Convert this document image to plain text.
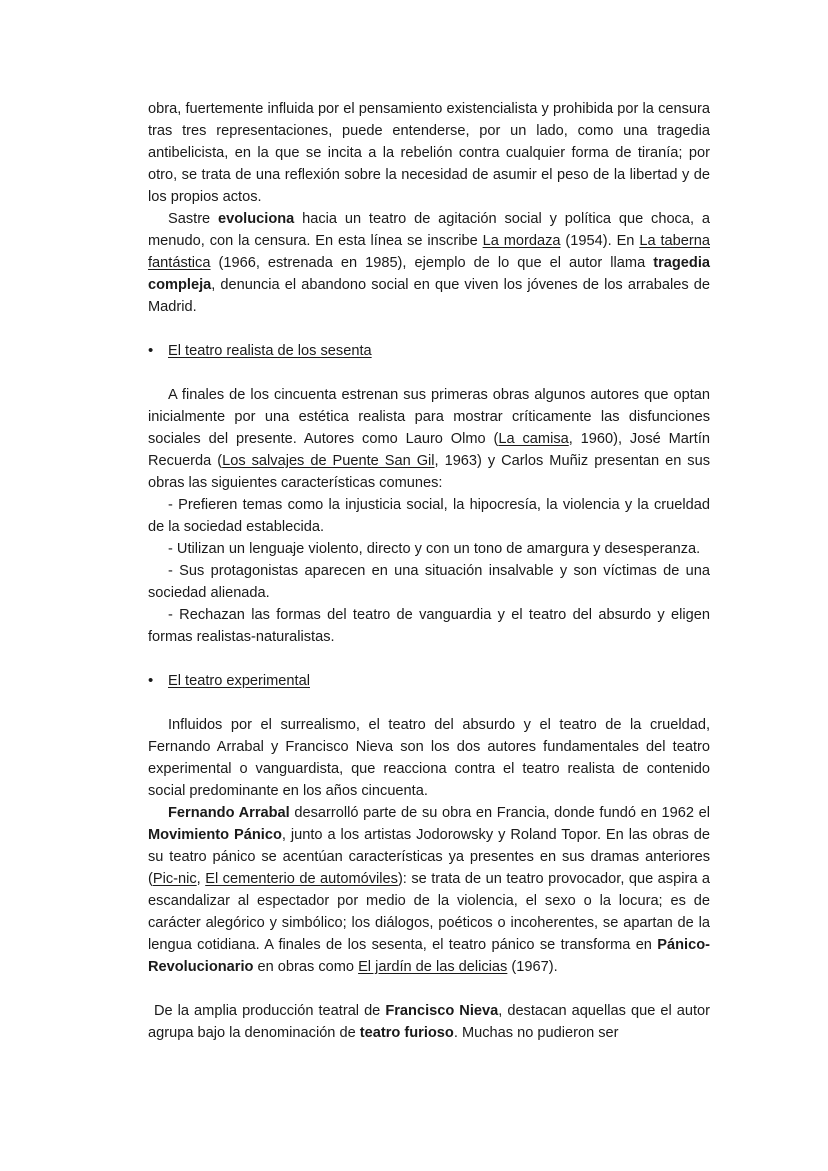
obra, fuertemente influida por el pensamiento existencialista y prohibida por la censura tras tres representaciones, puede entenderse, por un lado, como una tragedia antibelicista, en la que se incita a la rebelión contra cualquier forma de tiranía; por otro, se trata de una reflexión sobre la necesidad de asumir el peso de la libertad y de los propios actos.

Sastre evoluciona hacia un teatro de agitación social y política que choca, a menudo, con la censura. En esta línea se inscribe La mordaza (1954). En La taberna fantástica (1966, estrenada en 1985), ejemplo de lo que el autor llama tragedia compleja, denuncia el abandono social en que viven los jóvenes de los arrabales de Madrid.

•
El teatro realista de los sesenta

A finales de los cincuenta estrenan sus primeras obras algunos autores que optan inicialmente por una estética realista para mostrar críticamente las disfunciones sociales del presente. Autores como Lauro Olmo (La camisa, 1960), José Martín Recuerda (Los salvajes de Puente San Gil, 1963) y Carlos Muñiz presentan en sus obras las siguientes características comunes:

- Prefieren temas como la injusticia social, la hipocresía, la violencia y la crueldad de la sociedad establecida.

- Utilizan un lenguaje violento, directo y con un tono de amargura y desesperanza.

- Sus protagonistas aparecen en una situación insalvable y son víctimas de una sociedad alienada.

- Rechazan las formas del teatro de vanguardia y el teatro del absurdo y eligen formas realistas-naturalistas.

•
El teatro experimental

Influidos por el surrealismo, el teatro del absurdo y el teatro de la crueldad, Fernando Arrabal y Francisco Nieva son los dos autores fundamentales del teatro experimental o vanguardista, que reacciona contra el teatro realista de contenido social predominante en los años cincuenta.

Fernando Arrabal desarrolló parte de su obra en Francia, donde fundó en 1962 el Movimiento Pánico, junto a los artistas Jodorowsky y Roland Topor. En las obras de su teatro pánico se acentúan características ya presentes en sus dramas anteriores (Pic-nic, El cementerio de automóviles): se trata de un teatro provocador, que aspira a escandalizar al espectador por medio de la violencia, el sexo o la locura; es de carácter alegórico y simbólico; los diálogos, poéticos o incoherentes, se apartan de la lengua cotidiana. A finales de los sesenta, el teatro pánico se transforma en Pánico-Revolucionario en obras como El jardín de las delicias (1967).

De la amplia producción teatral de Francisco Nieva, destacan aquellas que el autor agrupa bajo la denominación de teatro furioso. Muchas no pudieron ser
